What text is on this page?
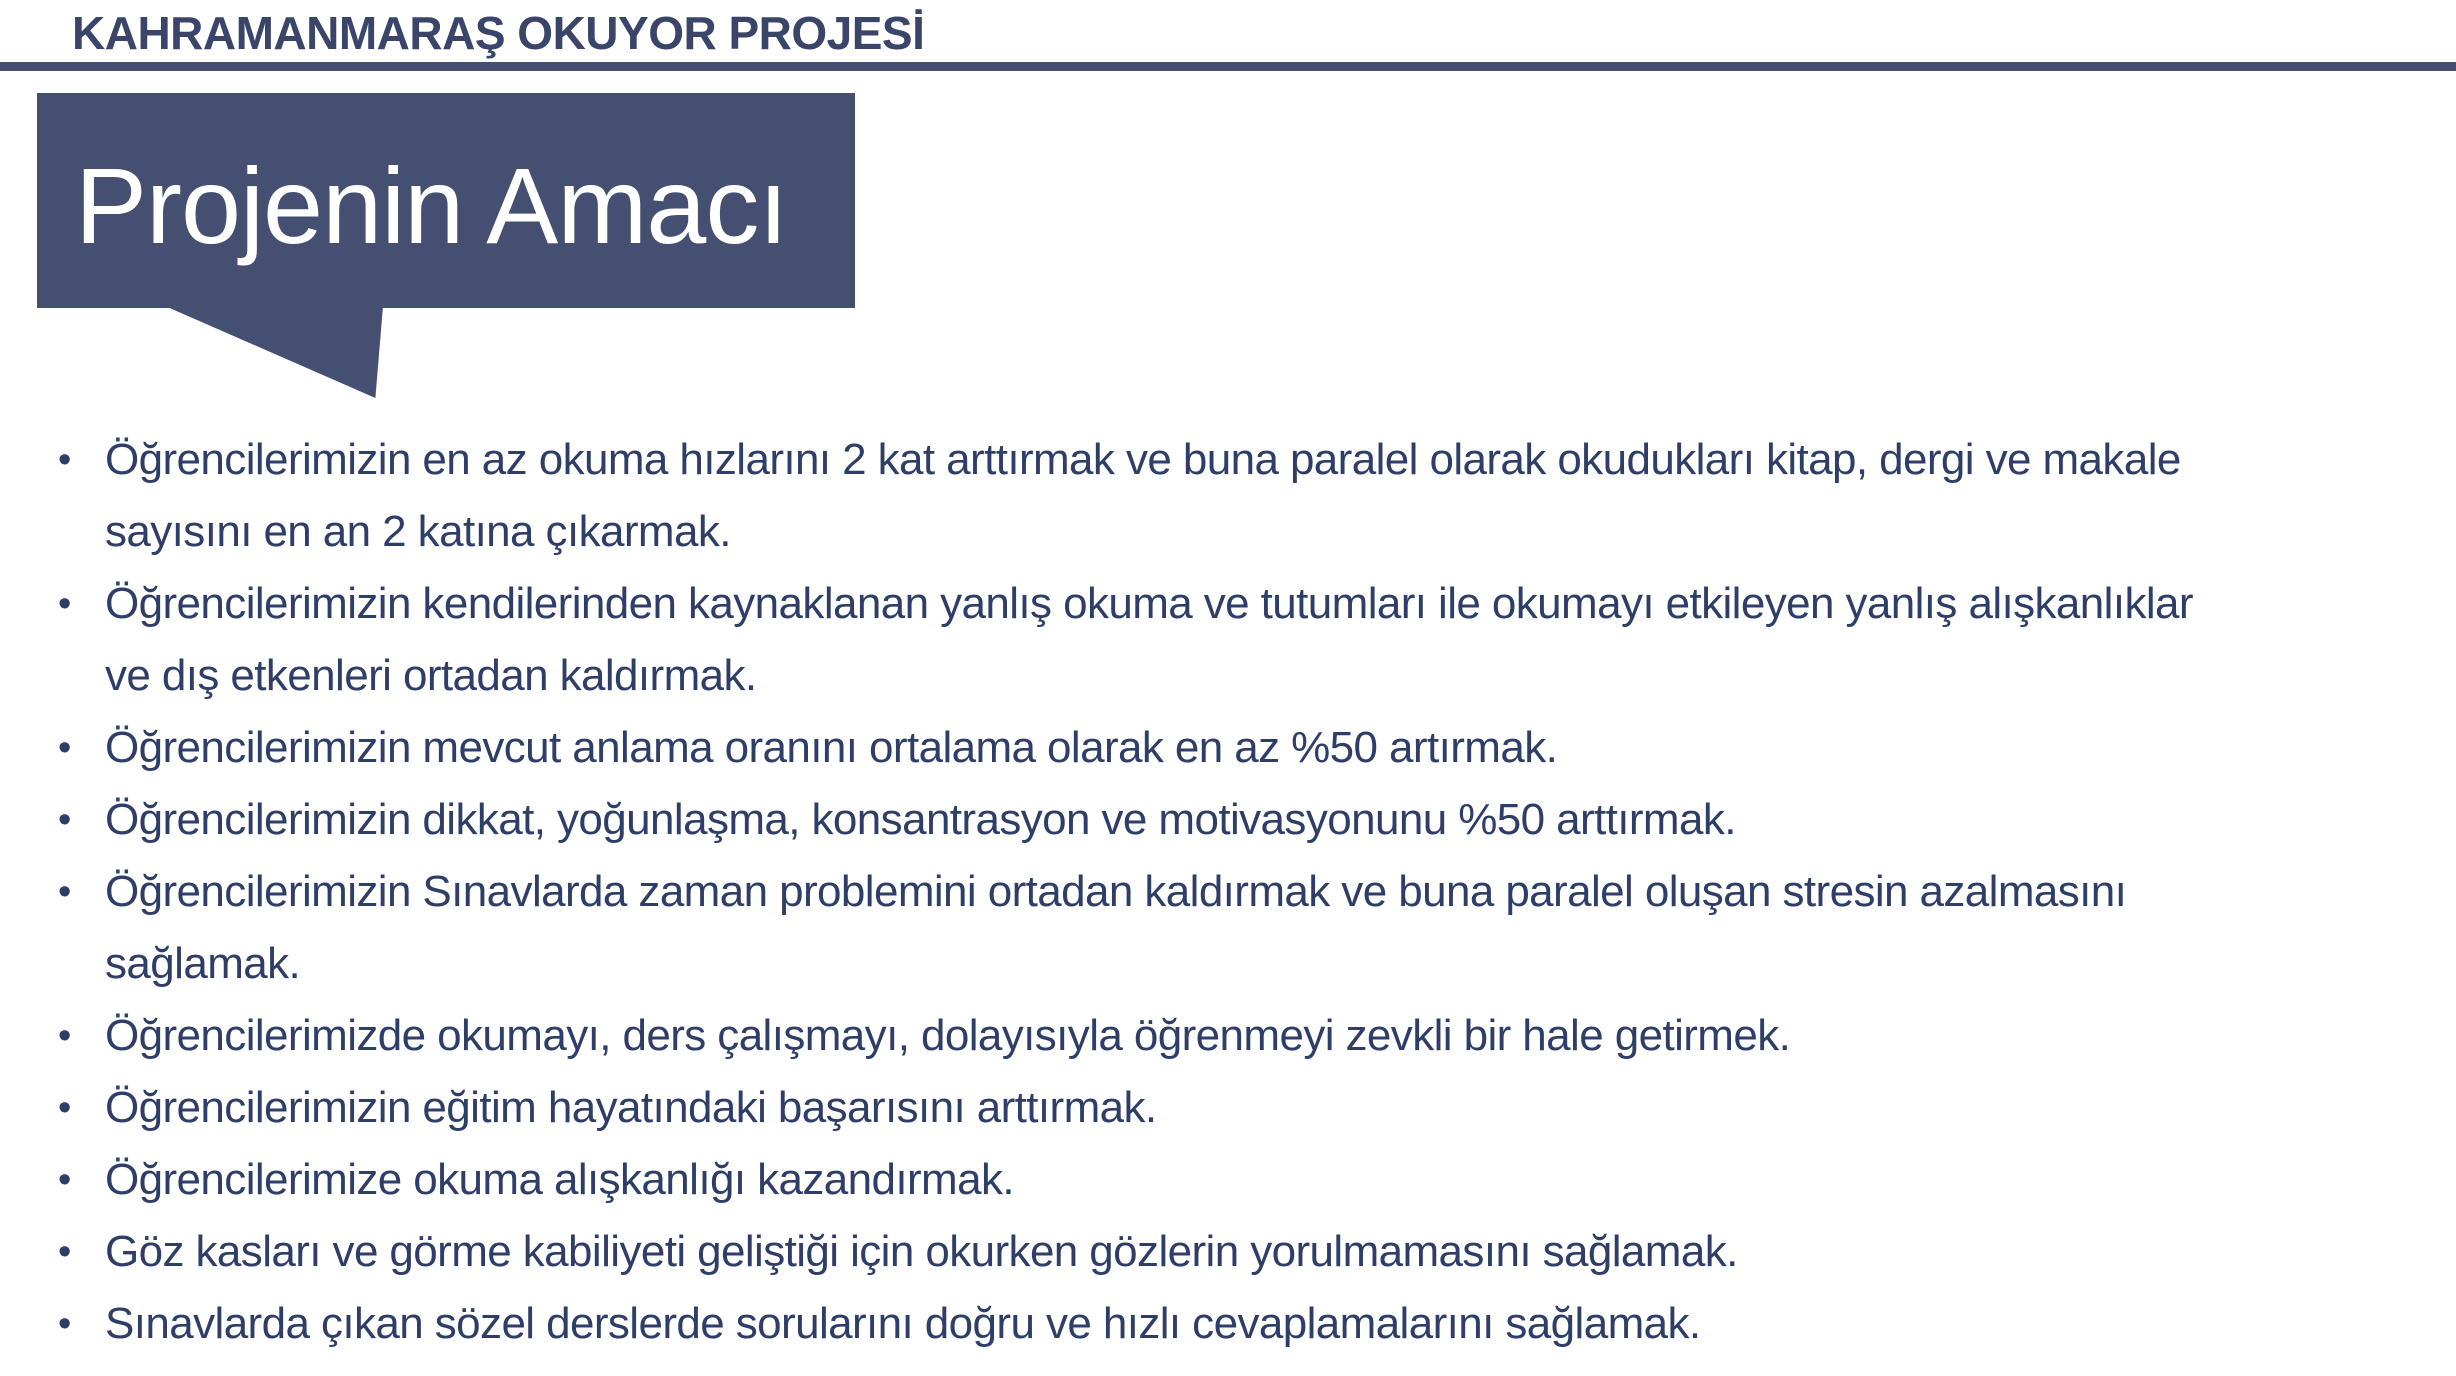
KAHRAMANMARAŞ OKUYOR PROJESİ
Projenin Amacı
• Öğrencilerimizin en az okuma hızlarını 2 kat arttırmak ve buna paralel olarak okudukları kitap, dergi ve makale sayısını en an 2 katına çıkarmak.
• Öğrencilerimizin kendilerinden kaynaklanan yanlış okuma ve tutumları ile okumayı etkileyen yanlış alışkanlıklar ve dış etkenleri ortadan kaldırmak.
• Öğrencilerimizin mevcut anlama oranını ortalama olarak en az %50 artırmak.
• Öğrencilerimizin dikkat, yoğunlaşma, konsantrasyon ve motivasyonunu %50 arttırmak.
• Öğrencilerimizin Sınavlarda zaman problemini ortadan kaldırmak ve buna paralel oluşan stresin azalmasını sağlamak.
• Öğrencilerimizde okumayı, ders çalışmayı, dolayısıyla öğrenmeyi zevkli bir hale getirmek.
• Öğrencilerimizin eğitim hayatındaki başarısını arttırmak.
• Öğrencilerimize okuma alışkanlığı kazandırmak.
• Göz kasları ve görme kabiliyeti geliştiği için okurken gözlerin yorulmamasını sağlamak.
• Sınavlarda çıkan sözel derslerde sorularını doğru ve hızlı cevaplamalarını sağlamak.
